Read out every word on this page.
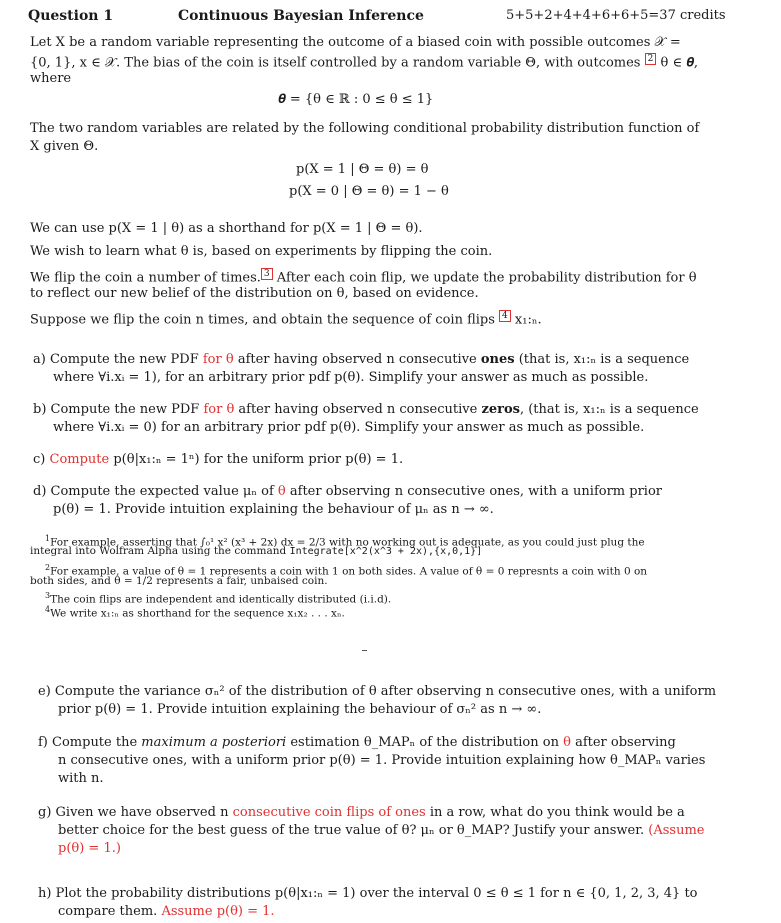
Question 1	Continuous Bayesian Inference	5+5+2+4+4+6+6+5=37 credits
Let X be a random variable representing the outcome of a biased coin with possible outcomes 𝒳 =
{0, 1}, x ∈ 𝒳. The bias of the coin is itself controlled by a random variable Θ, with outcomes 2 θ ∈ 𝜽,
where
𝜽 = {θ ∈ ℝ : 0 ≤ θ ≤ 1}
The two random variables are related by the following conditional probability distribution function of
X given Θ.
p(X = 1 | Θ = θ) = θ
p(X = 0 | Θ = θ) = 1 − θ
We can use p(X = 1 | θ) as a shorthand for p(X = 1 | Θ = θ).
We wish to learn what θ is, based on experiments by flipping the coin.
We flip the coin a number of times. 3 After each coin flip, we update the probability distribution for θ
to reflect our new belief of the distribution on θ, based on evidence.
Suppose we flip the coin n times, and obtain the sequence of coin flips 4 x₁:ₙ.
a) Compute the new PDF for θ after having observed n consecutive ones (that is, x₁:ₙ is a sequence
where ∀i.xᵢ = 1), for an arbitrary prior pdf p(θ). Simplify your answer as much as possible.
b) Compute the new PDF for θ after having observed n consecutive zeros, (that is, x₁:ₙ is a sequence
where ∀i.xᵢ = 0) for an arbitrary prior pdf p(θ). Simplify your answer as much as possible.
c) Compute p(θ|x₁:ₙ = 1ⁿ) for the uniform prior p(θ) = 1.
d) Compute the expected value μₙ of θ after observing n consecutive ones, with a uniform prior
p(θ) = 1. Provide intuition explaining the behaviour of μₙ as n → ∞.
$^1$For example, asserting that ∫₀¹ x² (x³ + 2x) dx = 2/3 with no working out is adequate, as you could just plug the
integral into Wolfram Alpha using the command Integrate[x^2(x^3 + 2x),{x,0,1}]
$^2$For example, a value of θ = 1 represents a coin with 1 on both sides. A value of θ = 0 represnts a coin with 0 on
both sides, and θ = 1/2 represents a fair, unbaised coin.
$^3$The coin flips are independent and identically distributed (i.i.d).
$^4$We write x₁:ₙ as shorthand for the sequence x₁x₂ . . . xₙ.
e) Compute the variance σₙ² of the distribution of θ after observing n consecutive ones, with a uniform
prior p(θ) = 1. Provide intuition explaining the behaviour of σₙ² as n → ∞.
f) Compute the maximum a posteriori estimation θ_MAPₙ of the distribution on θ after observing
n consecutive ones, with a uniform prior p(θ) = 1. Provide intuition explaining how θ_MAPₙ varies
with n.
g) Given we have observed n consecutive coin flips of ones in a row, what do you think would be a
better choice for the best guess of the true value of θ? μₙ or θ_MAP? Justify your answer. (Assume
p(θ) = 1.)
h) Plot the probability distributions p(θ|x₁:ₙ = 1) over the interval 0 ≤ θ ≤ 1 for n ∈ {0, 1, 2, 3, 4} to
compare them. Assume p(θ) = 1.
